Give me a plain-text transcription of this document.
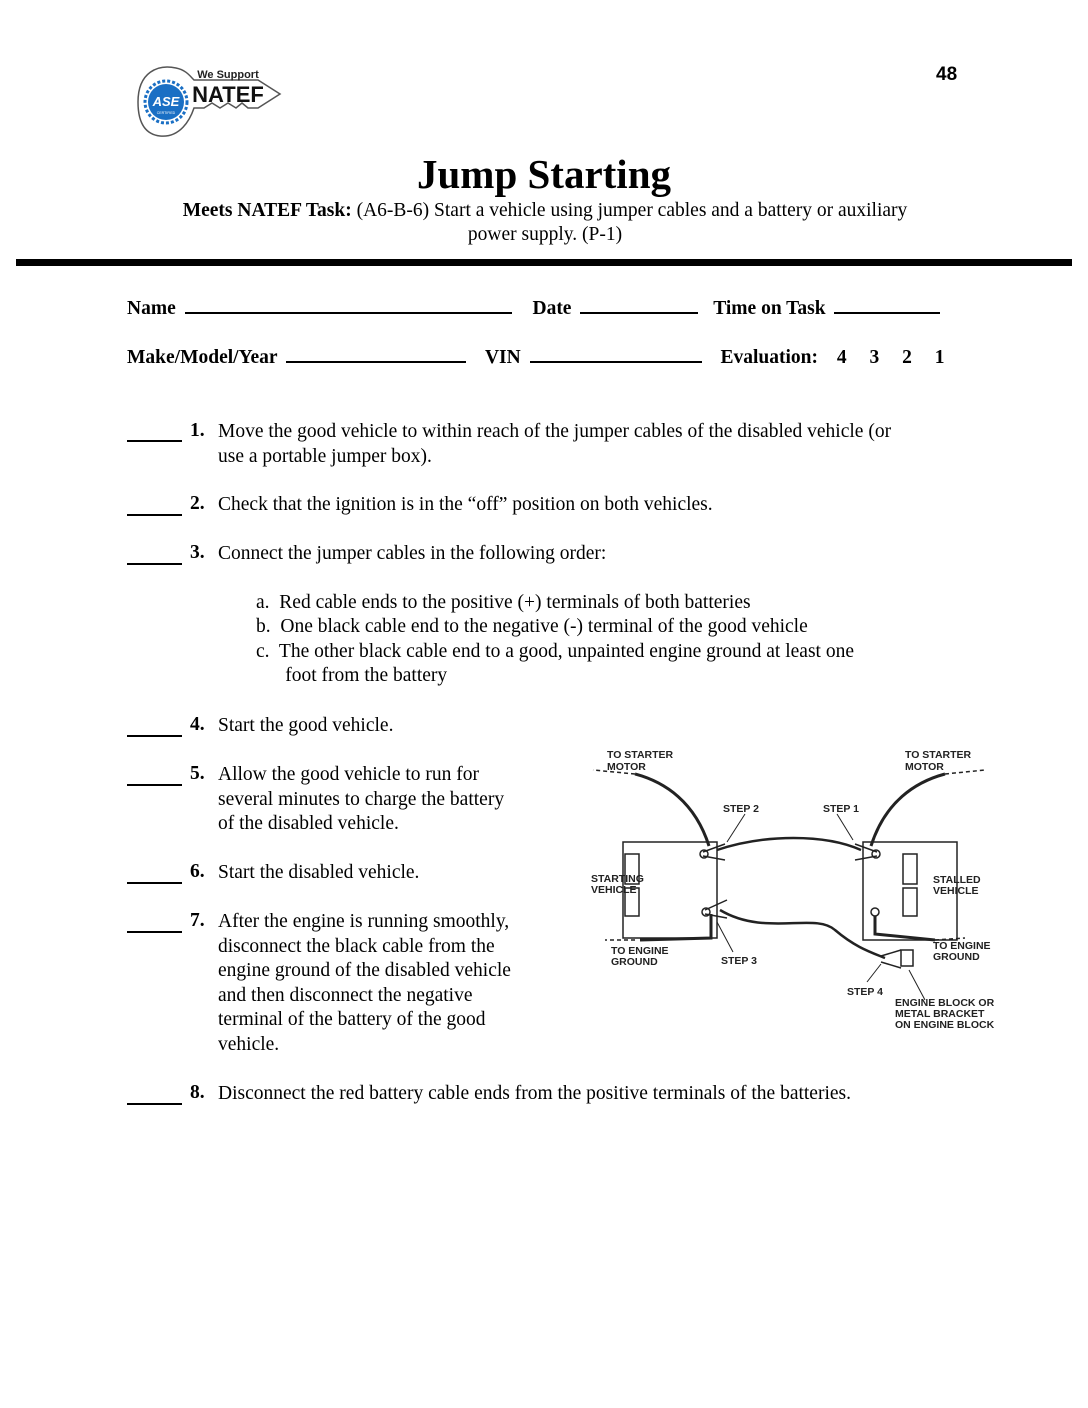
48
ASE
CERTIFIED
We Support
NATEF
Jump Starting
Meets NATEF Task: (A6-B-6) Start a vehicle using jumper cables and a battery or auxiliary
power supply. (P-1)
Name	Date	Time on Task
Make/Model/Year	VIN	Evaluation: 4 3 2 1
1. Move the good vehicle to within reach of the jumper cables of the disabled vehicle (or
use a portable jumper box).
2. Check that the ignition is in the “off” position on both vehicles.
3. Connect the jumper cables in the following order:
a.  Red cable ends to the positive (+) terminals of both batteries
b.  One black cable end to the negative (-) terminal of the good vehicle
c.  The other black cable end to a good, unpainted engine ground at least one
foot from the battery
4. Start the good vehicle.
5. Allow the good vehicle to run for
several minutes to charge the battery
of the disabled vehicle.
6. Start the disabled vehicle.
7. After the engine is running smoothly,
disconnect the black cable from the
engine ground of the disabled vehicle
and then disconnect the negative
terminal of the battery of the good
vehicle.
8. Disconnect the red battery cable ends from the positive terminals of the batteries.
TO STARTER
MOTOR
TO STARTER
MOTOR
STEP 2	STEP 1
STARTING
VEHICLE
STALLED
VEHICLE
TO ENGINE
GROUND
TO ENGINE
GROUND
STEP 3
STEP 4
ENGINE BLOCK OR
METAL BRACKET
ON ENGINE BLOCK
